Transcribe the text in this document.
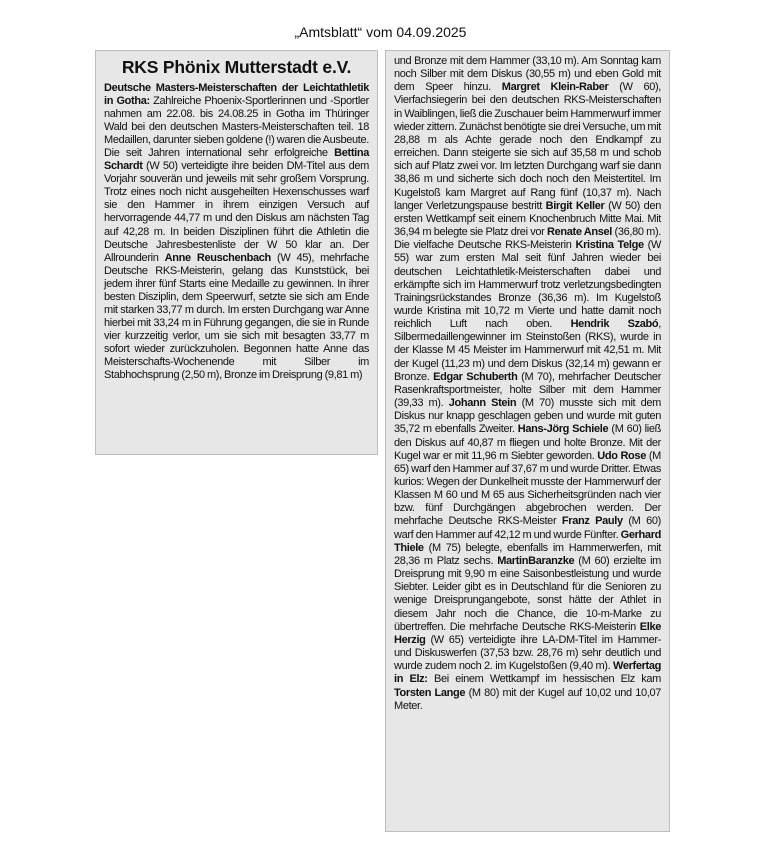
„Amtsblatt“ vom 04.09.2025
RKS Phönix Mutterstadt e.V.

Deutsche Masters-Meisterschaften der Leichtathletik in Gotha: Zahlreiche Phoenix-Sportlerinnen und -Sportler nahmen am 22.08. bis 24.08.25 in Gotha im Thüringer Wald bei den deutschen Masters-Meisterschaften teil. 18 Medaillen, darunter sieben goldene (!) waren die Ausbeute. Die seit Jahren international sehr erfolgreiche Bettina Schardt (W 50) verteidigte ihre beiden DM-Titel aus dem Vorjahr souverän und jeweils mit sehr großem Vorsprung. Trotz eines noch nicht ausgeheilten Hexenschusses warf sie den Hammer in ihrem einzigen Versuch auf hervorragende 44,77 m und den Diskus am nächsten Tag auf 42,28 m. In beiden Disziplinen führt die Athletin die Deutsche Jahresbestenliste der W 50 klar an. Der Allrounderin Anne Reuschenbach (W 45), mehrfache Deutsche RKS-Meisterin, gelang das Kunststück, bei jedem ihrer fünf Starts eine Medaille zu gewinnen. In ihrer besten Disziplin, dem Speerwurf, setzte sie sich am Ende mit starken 33,77 m durch. Im ersten Durchgang war Anne hierbei mit 33,24 m in Führung gegangen, die sie in Runde vier kurzzeitig verlor, um sie sich mit besagten 33,77 m sofort wieder zurückzuholen. Begonnen hatte Anne das Meisterschafts-Wochenende mit Silber im Stabhochsprung (2,50 m), Bronze im Dreisprung (9,81 m)

und Bronze mit dem Hammer (33,10 m). Am Sonntag kam noch Silber mit dem Diskus (30,55 m) und eben Gold mit dem Speer hinzu. Margret Klein-Raber (W 60), Vierfachsiegerin bei den deutschen RKS-Meisterschaften in Waiblingen, ließ die Zuschauer beim Hammerwurf immer wieder zittern. Zunächst benötigte sie drei Versuche, um mit 28,88 m als Achte gerade noch den Endkampf zu erreichen. Dann steigerte sie sich auf 35,58 m und schob sich auf Platz zwei vor. Im letzten Durchgang warf sie dann 38,86 m und sicherte sich doch noch den Meistertitel. Im Kugelstoß kam Margret auf Rang fünf (10,37 m). Nach langer Verletzungspause bestritt Birgit Keller (W 50) den ersten Wettkampf seit einem Knochenbruch Mitte Mai. Mit 36,94 m belegte sie Platz drei vor Renate Ansel (36,80 m). Die vielfache Deutsche RKS-Meisterin Kristina Telge (W 55) war zum ersten Mal seit fünf Jahren wieder bei deutschen Leichtathletik-Meisterschaften dabei und erkämpfte sich im Hammerwurf trotz verletzungsbedingten Trainingsrückstandes Bronze (36,36 m). Im Kugelstoß wurde Kristina mit 10,72 m Vierte und hatte damit noch reichlich Luft nach oben. Hendrik Szabó, Silbermedaillengewinner im Steinstoßen (RKS), wurde in der Klasse M 45 Meister im Hammerwurf mit 42,51 m. Mit der Kugel (11,23 m) und dem Diskus (32,14 m) gewann er Bronze. Edgar Schuberth (M 70), mehrfacher Deutscher Rasenkraftsportmeister, holte Silber mit dem Hammer (39,33 m). Johann Stein (M 70) musste sich mit dem Diskus nur knapp geschlagen geben und wurde mit guten 35,72 m ebenfalls Zweiter. Hans-Jörg Schiele (M 60) ließ den Diskus auf 40,87 m fliegen und holte Bronze. Mit der Kugel war er mit 11,96 m Siebter geworden. Udo Rose (M 65) warf den Hammer auf 37,67 m und wurde Dritter. Etwas kurios: Wegen der Dunkelheit musste der Hammerwurf der Klassen M 60 und M 65 aus Sicherheitsgründen nach vier bzw. fünf Durchgängen abgebrochen werden. Der mehrfache Deutsche RKS-Meister Franz Pauly (M 60) warf den Hammer auf 42,12 m und wurde Fünfter. Gerhard Thiele (M 75) belegte, ebenfalls im Hammerwerfen, mit 28,36 m Platz sechs. MartinBaranzke (M 60) erzielte im Dreisprung mit 9,90 m eine Saisonbestleistung und wurde Siebter. Leider gibt es in Deutschland für die Senioren zu wenige Dreisprungangebote, sonst hätte der Athlet in diesem Jahr noch die Chance, die 10-m-Marke zu übertreffen. Die mehrfache Deutsche RKS-Meisterin Elke Herzig (W 65) verteidigte ihre LA-DM-Titel im Hammer- und Diskuswerfen (37,53 bzw. 28,76 m) sehr deutlich und wurde zudem noch 2. im Kugelstoßen (9,40 m). Werfertag in Elz: Bei einem Wettkampf im hessischen Elz kam Torsten Lange (M 80) mit der Kugel auf 10,02 und 10,07 Meter.
